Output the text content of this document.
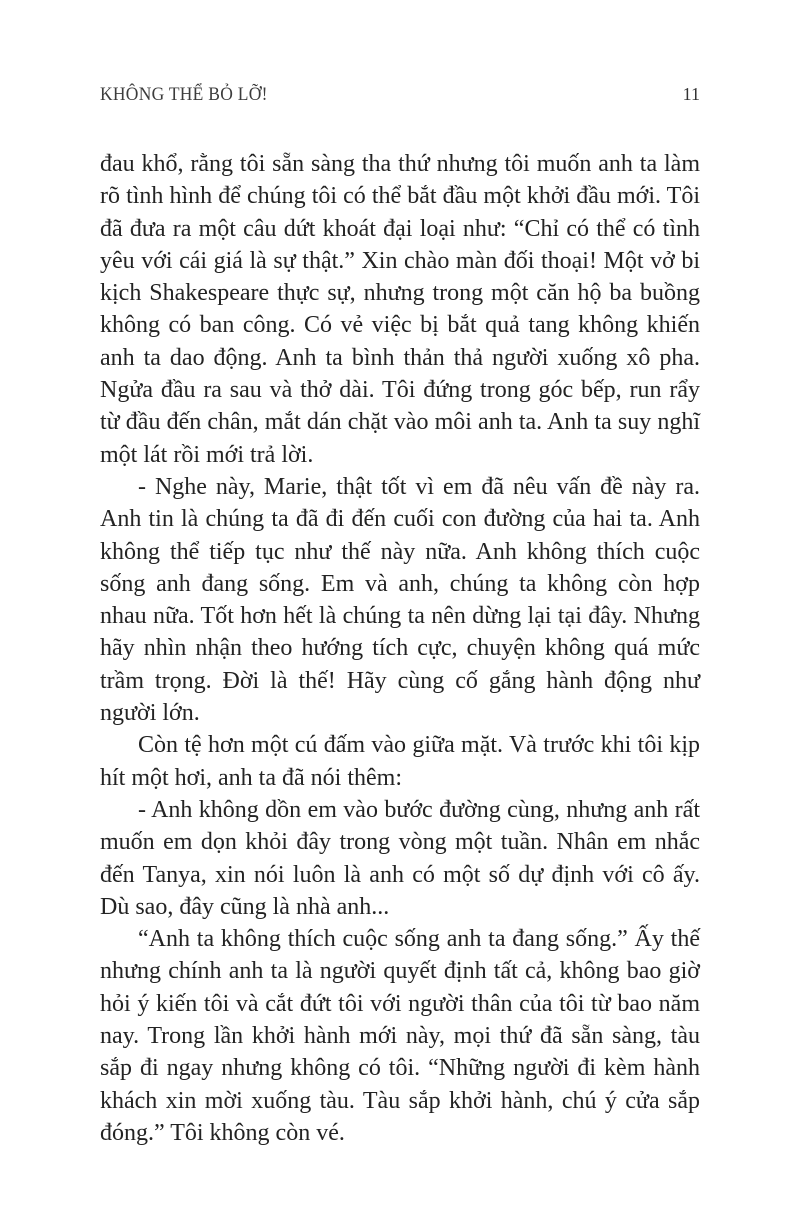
KHÔNG THỂ BỎ LỠ!	11

đau khổ, rằng tôi sẵn sàng tha thứ nhưng tôi muốn anh ta làm rõ tình hình để chúng tôi có thể bắt đầu một khởi đầu mới. Tôi đã đưa ra một câu dứt khoát đại loại như: “Chỉ có thể có tình yêu với cái giá là sự thật.” Xin chào màn đối thoại! Một vở bi kịch Shakespeare thực sự, nhưng trong một căn hộ ba buồng không có ban công. Có vẻ việc bị bắt quả tang không khiến anh ta dao động. Anh ta bình thản thả người xuống xô pha. Ngửa đầu ra sau và thở dài. Tôi đứng trong góc bếp, run rẩy từ đầu đến chân, mắt dán chặt vào môi anh ta. Anh ta suy nghĩ một lát rồi mới trả lời.

- Nghe này, Marie, thật tốt vì em đã nêu vấn đề này ra. Anh tin là chúng ta đã đi đến cuối con đường của hai ta. Anh không thể tiếp tục như thế này nữa. Anh không thích cuộc sống anh đang sống. Em và anh, chúng ta không còn hợp nhau nữa. Tốt hơn hết là chúng ta nên dừng lại tại đây. Nhưng hãy nhìn nhận theo hướng tích cực, chuyện không quá mức trầm trọng. Đời là thế! Hãy cùng cố gắng hành động như người lớn.

Còn tệ hơn một cú đấm vào giữa mặt. Và trước khi tôi kịp hít một hơi, anh ta đã nói thêm:

- Anh không dồn em vào bước đường cùng, nhưng anh rất muốn em dọn khỏi đây trong vòng một tuần. Nhân em nhắc đến Tanya, xin nói luôn là anh có một số dự định với cô ấy. Dù sao, đây cũng là nhà anh...

“Anh ta không thích cuộc sống anh ta đang sống.” Ấy thế nhưng chính anh ta là người quyết định tất cả, không bao giờ hỏi ý kiến tôi và cắt đứt tôi với người thân của tôi từ bao năm nay. Trong lần khởi hành mới này, mọi thứ đã sẵn sàng, tàu sắp đi ngay nhưng không có tôi. “Những người đi kèm hành khách xin mời xuống tàu. Tàu sắp khởi hành, chú ý cửa sắp đóng.” Tôi không còn vé.
